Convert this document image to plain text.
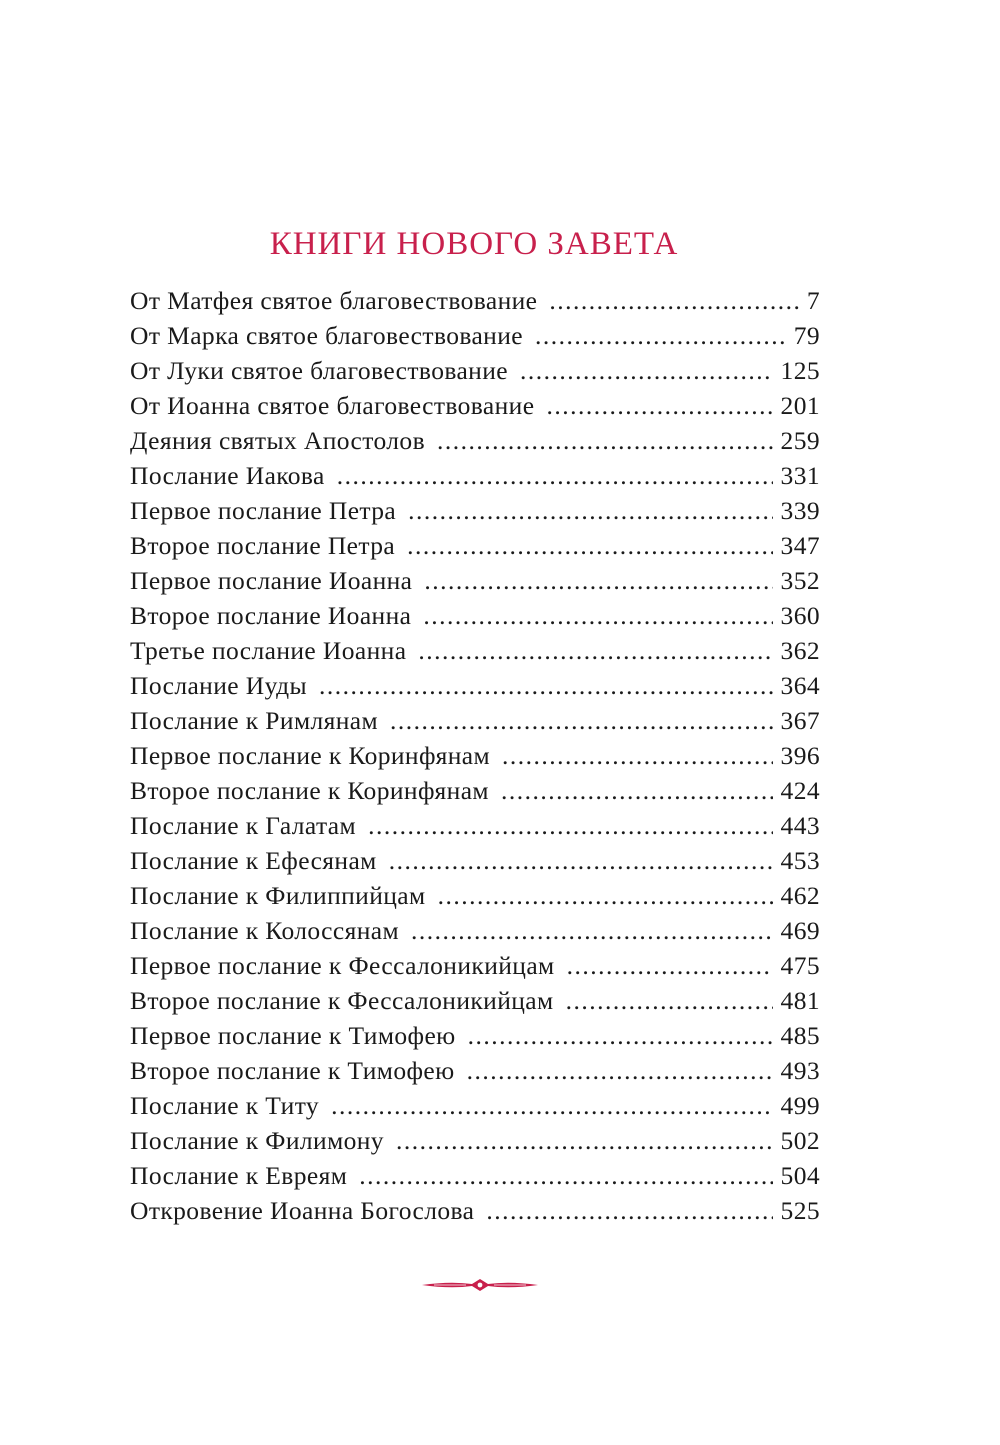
КНИГИ НОВОГО ЗАВЕТА
От Матфея святое благовествование .....	7
От Марка святое благовествование .....	79
От Луки святое благовествование .....	125
От Иоанна святое благовествование .....	201
Деяния святых Апостолов .....	259
Послание Иакова .....	331
Первое послание Петра .....	339
Второе послание Петра .....	347
Первое послание Иоанна .....	352
Второе послание Иоанна .....	360
Третье послание Иоанна .....	362
Послание Иуды .....	364
Послание к Римлянам .....	367
Первое послание к Коринфянам .....	396
Второе послание к Коринфянам .....	424
Послание к Галатам .....	443
Послание к Ефесянам .....	453
Послание к Филиппийцам .....	462
Послание к Колоссянам .....	469
Первое послание к Фессалоникийцам .....	475
Второе послание к Фессалоникийцам .....	481
Первое послание к Тимофею .....	485
Второе послание к Тимофею .....	493
Послание к Титу .....	499
Послание к Филимону .....	502
Послание к Евреям .....	504
Откровение Иоанна Богослова .....	525
